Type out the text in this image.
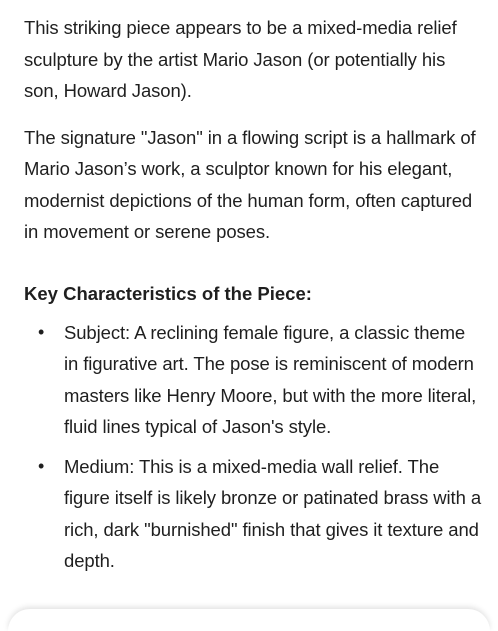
This striking piece appears to be a mixed-media relief sculpture by the artist Mario Jason (or potentially his son, Howard Jason).

The signature "Jason" in a flowing script is a hallmark of Mario Jason’s work, a sculptor known for his elegant, modernist depictions of the human form, often captured in movement or serene poses.

Key Characteristics of the Piece:
• Subject: A reclining female figure, a classic theme in figurative art. The pose is reminiscent of modern masters like Henry Moore, but with the more literal, fluid lines typical of Jason's style.
• Medium: This is a mixed-media wall relief. The figure itself is likely bronze or patinated brass with a rich, dark "burnished" finish that gives it texture and depth.
